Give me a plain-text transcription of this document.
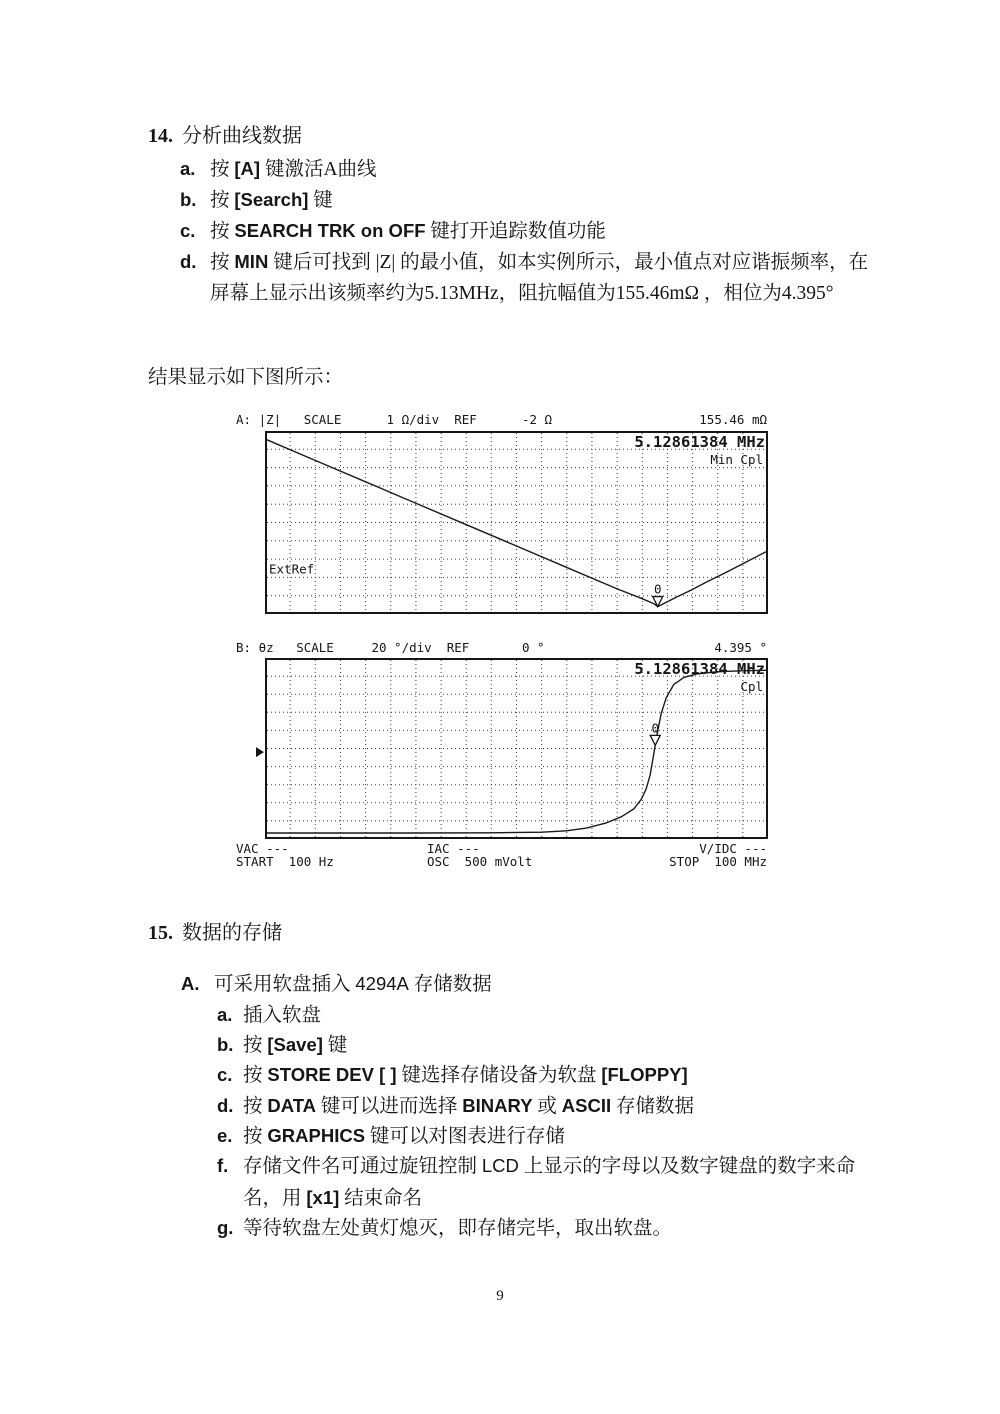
14. 分析曲线数据
a. 按 [A] 键激活A曲线
b. 按 [Search] 键
c. 按 SEARCH TRK on OFF 键打开追踪数值功能
d. 按 MIN 键后可找到 |Z| 的最小值，如本实例所示，最小值点对应谐振频率，在屏幕上显示出该频率约为5.13MHz，阻抗幅值为155.46mΩ ，相位为4.395°
结果显示如下图所示：
A: |Z|   SCALE      1 Ω/div  REF      -2 Ω	155.46 mΩ
5.12861384 MHz
Min Cpl
ExtRef
0
B: θz   SCALE     20 °/div  REF       0 °	4.395 °
5.12861384 MHz
Cpl
0

VAC ---

	IAC ---

	V/IDC ---

START  100 Hz

	OSC  500 mVolt

	STOP  100 MHz

15. 数据的存储
A. 可采用软盘插入 4294A 存储数据
a. 插入软盘
b. 按 [Save] 键
c. 按 STORE DEV [ ] 键选择存储设备为软盘 [FLOPPY]
d. 按 DATA 键可以进而选择 BINARY 或 ASCII 存储数据
e. 按 GRAPHICS 键可以对图表进行存储
f. 存储文件名可通过旋钮控制 LCD 上显示的字母以及数字键盘的数字来命名，用 [x1] 结束命名
g. 等待软盘左处黄灯熄灭，即存储完毕，取出软盘。
9
